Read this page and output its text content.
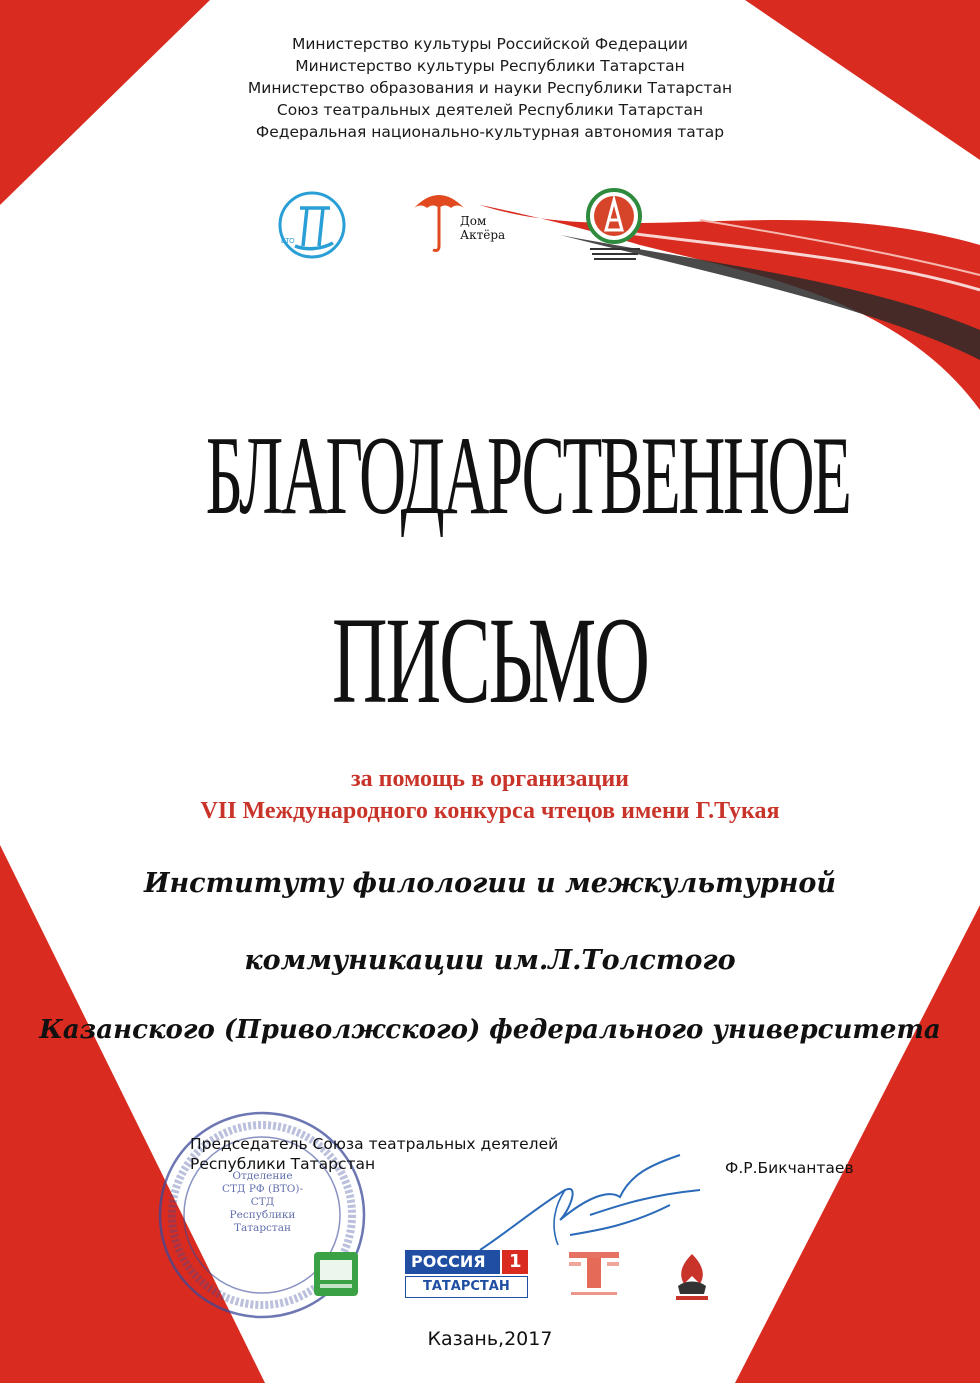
Министерство культуры Российской Федерации
Министерство культуры Республики Татарстан
Министерство образования и науки Республики Татарстан
Союз театральных деятелей Республики Татарстан
Федеральная национально-культурная автономия татар
ВТО
Дом
Актёра
БЛАГОДАРСТВЕННОЕ
ПИСЬМО
за помощь в организации
VII Международного конкурса чтецов имени Г.Тукая
Институту филологии и межкультурной
коммуникации им.Л.Толстого
Казанского (Приволжского) федерального университета
Отделение
СТД РФ (ВТО)-
СТД
Республики
Татарстан
Председатель Союза театральных деятелей
Республики Татарстан	Ф.Р.Бикчантаев
РОССИЯ 1
ТАТАРСТАН
Казань,2017
